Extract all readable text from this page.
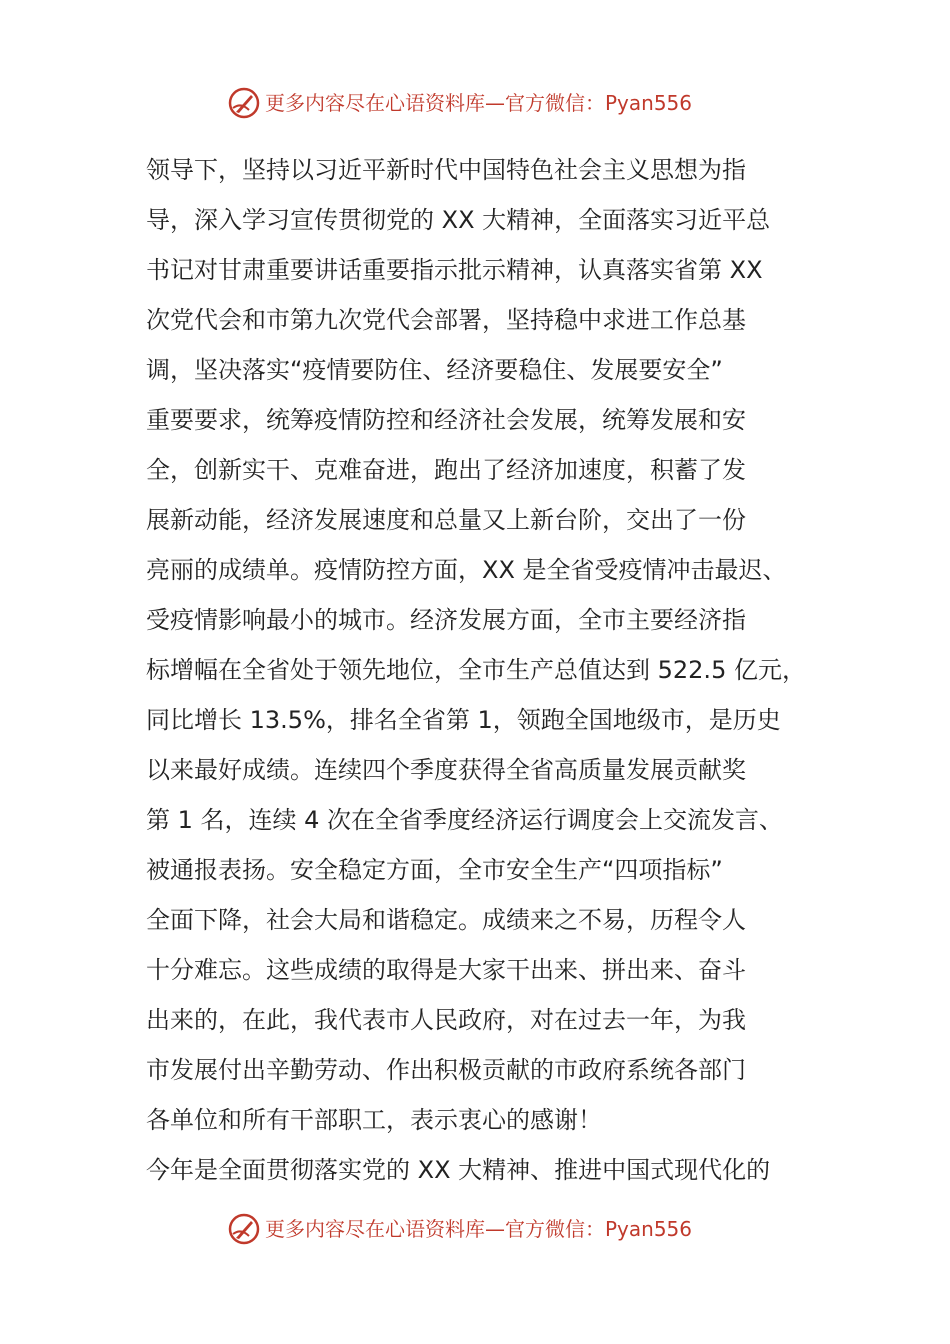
更多内容尽在心语资料库—官方微信：Pyan556
领导下，坚持以习近平新时代中国特色社会主义思想为指
导，深入学习宣传贯彻党的 XX 大精神，全面落实习近平总
书记对甘肃重要讲话重要指示批示精神，认真落实省第 XX
次党代会和市第九次党代会部署，坚持稳中求进工作总基
调，坚决落实“疫情要防住、经济要稳住、发展要安全”
重要要求，统筹疫情防控和经济社会发展，统筹发展和安
全，创新实干、克难奋进，跑出了经济加速度，积蓄了发
展新动能，经济发展速度和总量又上新台阶，交出了一份
亮丽的成绩单。疫情防控方面，XX 是全省受疫情冲击最迟、
受疫情影响最小的城市。经济发展方面，全市主要经济指
标增幅在全省处于领先地位，全市生产总值达到 522.5 亿元，
同比增长 13.5%，排名全省第 1，领跑全国地级市，是历史
以来最好成绩。连续四个季度获得全省高质量发展贡献奖
第 1 名，连续 4 次在全省季度经济运行调度会上交流发言、
被通报表扬。安全稳定方面，全市安全生产“四项指标”
全面下降，社会大局和谐稳定。成绩来之不易，历程令人
十分难忘。这些成绩的取得是大家干出来、拼出来、奋斗
出来的，在此，我代表市人民政府，对在过去一年，为我
市发展付出辛勤劳动、作出积极贡献的市政府系统各部门
各单位和所有干部职工，表示衷心的感谢！
今年是全面贯彻落实党的 XX 大精神、推进中国式现代化的
更多内容尽在心语资料库—官方微信：Pyan556
